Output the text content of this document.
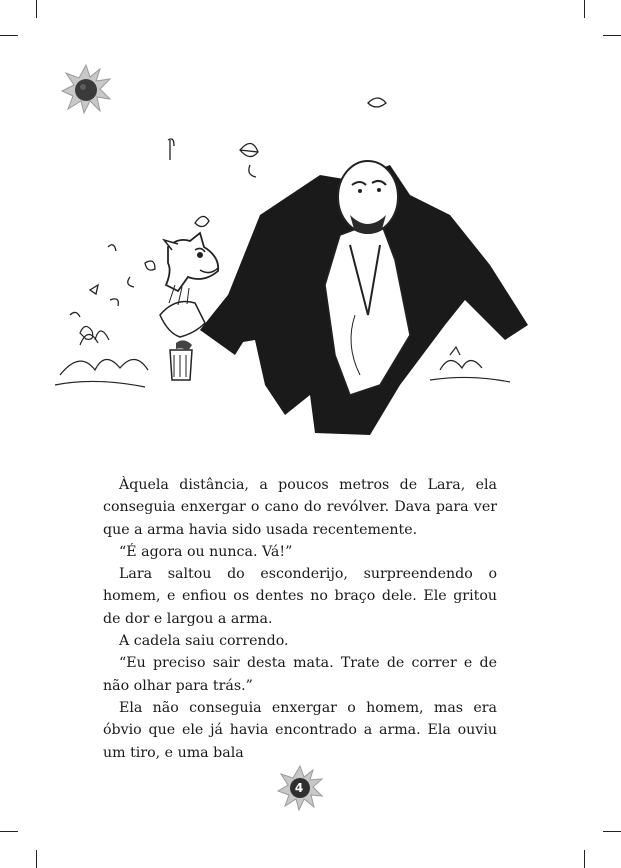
Àquela distância, a poucos metros de Lara, ela conseguia enxergar o cano do revólver. Dava para ver que a arma havia sido usada recentemente.

“É agora ou nunca. Vá!”

Lara saltou do esconderijo, surpreendendo o homem, e enfiou os dentes no braço dele. Ele gritou de dor e largou a arma.

A cadela saiu correndo.

“Eu preciso sair desta mata. Trate de correr e de não olhar para trás.”

Ela não conseguia enxergar o homem, mas era óbvio que ele já havia encontrado a arma. Ela ouviu um tiro, e uma bala

4
